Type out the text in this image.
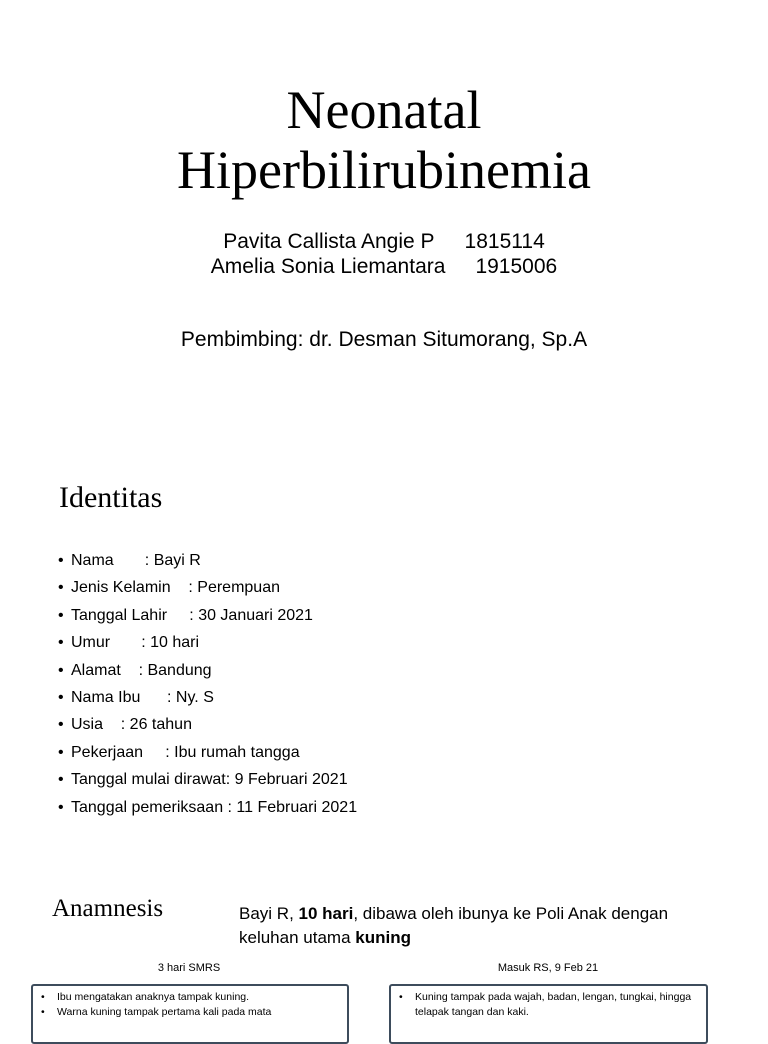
Neonatal
Hiperbilirubinemia
Pavita Callista Angie P 1815114
Amelia Sonia Liemantara 1915006
Pembimbing: dr. Desman Situmorang, Sp.A
Identitas
• Nama       : Bayi R
• Jenis Kelamin    : Perempuan
• Tanggal Lahir     : 30 Januari 2021
• Umur       : 10 hari
• Alamat    : Bandung
• Nama Ibu      : Ny. S
• Usia    : 26 tahun
• Pekerjaan     : Ibu rumah tangga
• Tanggal mulai dirawat: 9 Februari 2021
• Tanggal pemeriksaan : 11 Februari 2021
Anamnesis	Bayi R, 10 hari, dibawa oleh ibunya ke Poli Anak dengan keluhan utama kuning
3 hari SMRS	Masuk RS, 9 Feb 21
• Ibu mengatakan anaknya tampak kuning.
• Warna kuning tampak pertama kali pada mata
• Kuning tampak pada wajah, badan, lengan, tungkai, hingga telapak tangan dan kaki.
